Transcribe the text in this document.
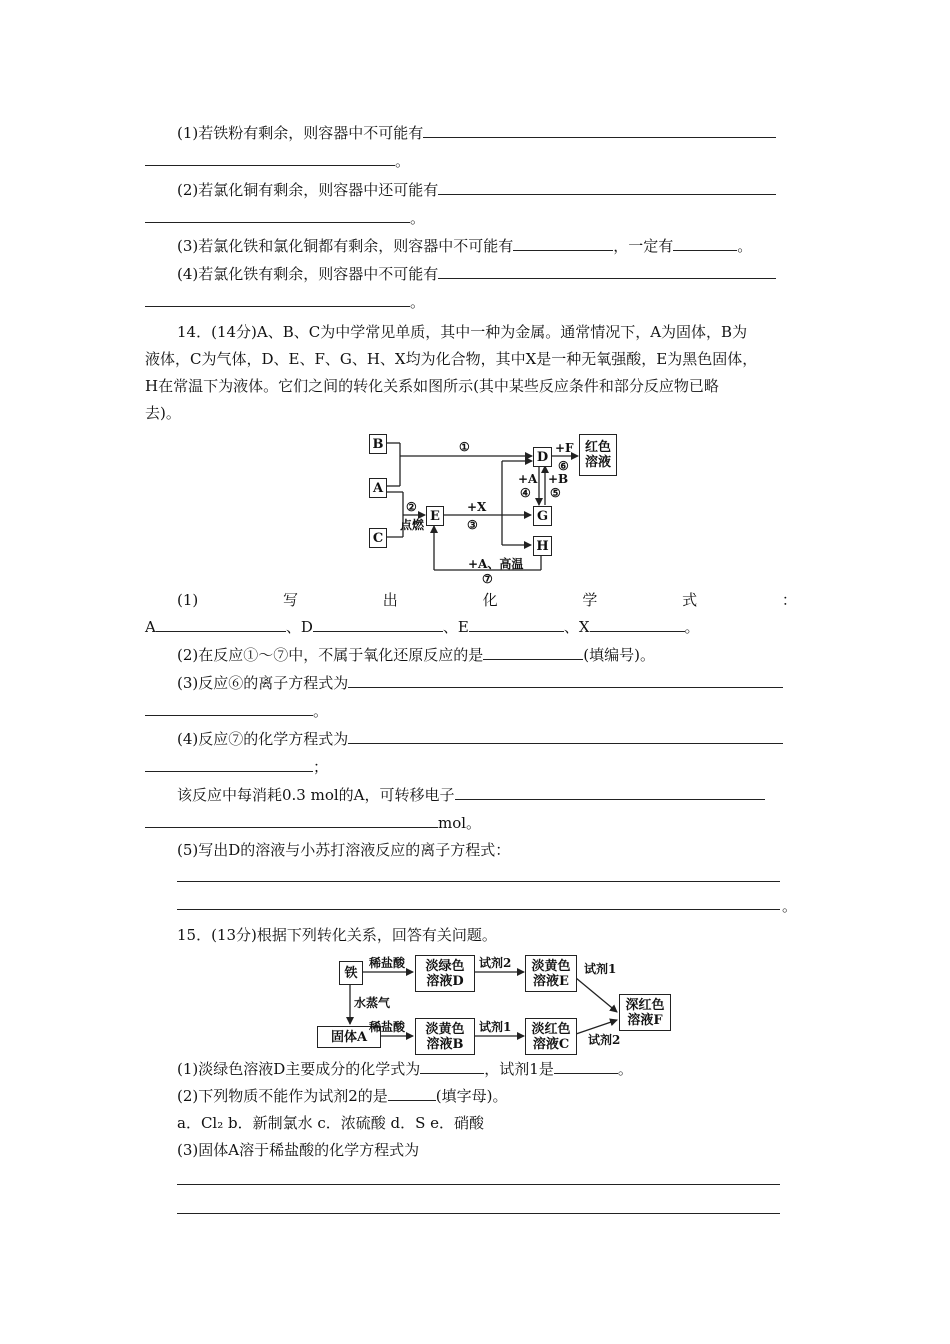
(1)若铁粉有剩余，则容器中不可能有
。
(2)若氯化铜有剩余，则容器中还可能有
。
(3)若氯化铁和氯化铜都有剩余，则容器中不可能有	，一定有	。
(4)若氯化铁有剩余，则容器中不可能有
。
14．(14分)A、B、C为中学常见单质，其中一种为金属。通常情况下，A为固体，B为
液体，C为气体，D、E、F、G、H、X均为化合物，其中X是一种无氧强酸，E为黑色固体，
H在常温下为液体。它们之间的转化关系如图所示(其中某些反应条件和部分反应物已略
去)。
B
A
C
E
D
G
H
红色
溶液
①
②
点燃
+X
③
+F
⑥
+A
④
+B
⑤
+A、高温
⑦
(1)	写	出	化	学	式	：
A	、D	、E	、X	。
(2)在反应①～⑦中，不属于氧化还原反应的是	(填编号)。
(3)反应⑥的离子方程式为
。
(4)反应⑦的化学方程式为
；
该反应中每消耗0.3 mol的A，可转移电子
mol。
(5)写出D的溶液与小苏打溶液反应的离子方程式：
。
15．(13分)根据下列转化关系，回答有关问题。
铁	淡绿色
溶液D
淡黄色
溶液E
固体A
淡黄色
溶液B
淡红色
溶液C
深红色
溶液F
稀盐酸
水蒸气
试剂2	试剂1
稀盐酸	试剂1
试剂2
(1)淡绿色溶液D主要成分的化学式为	，试剂1是	。
(2)下列物质不能作为试剂2的是	(填字母)。
a．Cl₂ b．新制氯水 c．浓硫酸 d．S e．硝酸
(3)固体A溶于稀盐酸的化学方程式为
